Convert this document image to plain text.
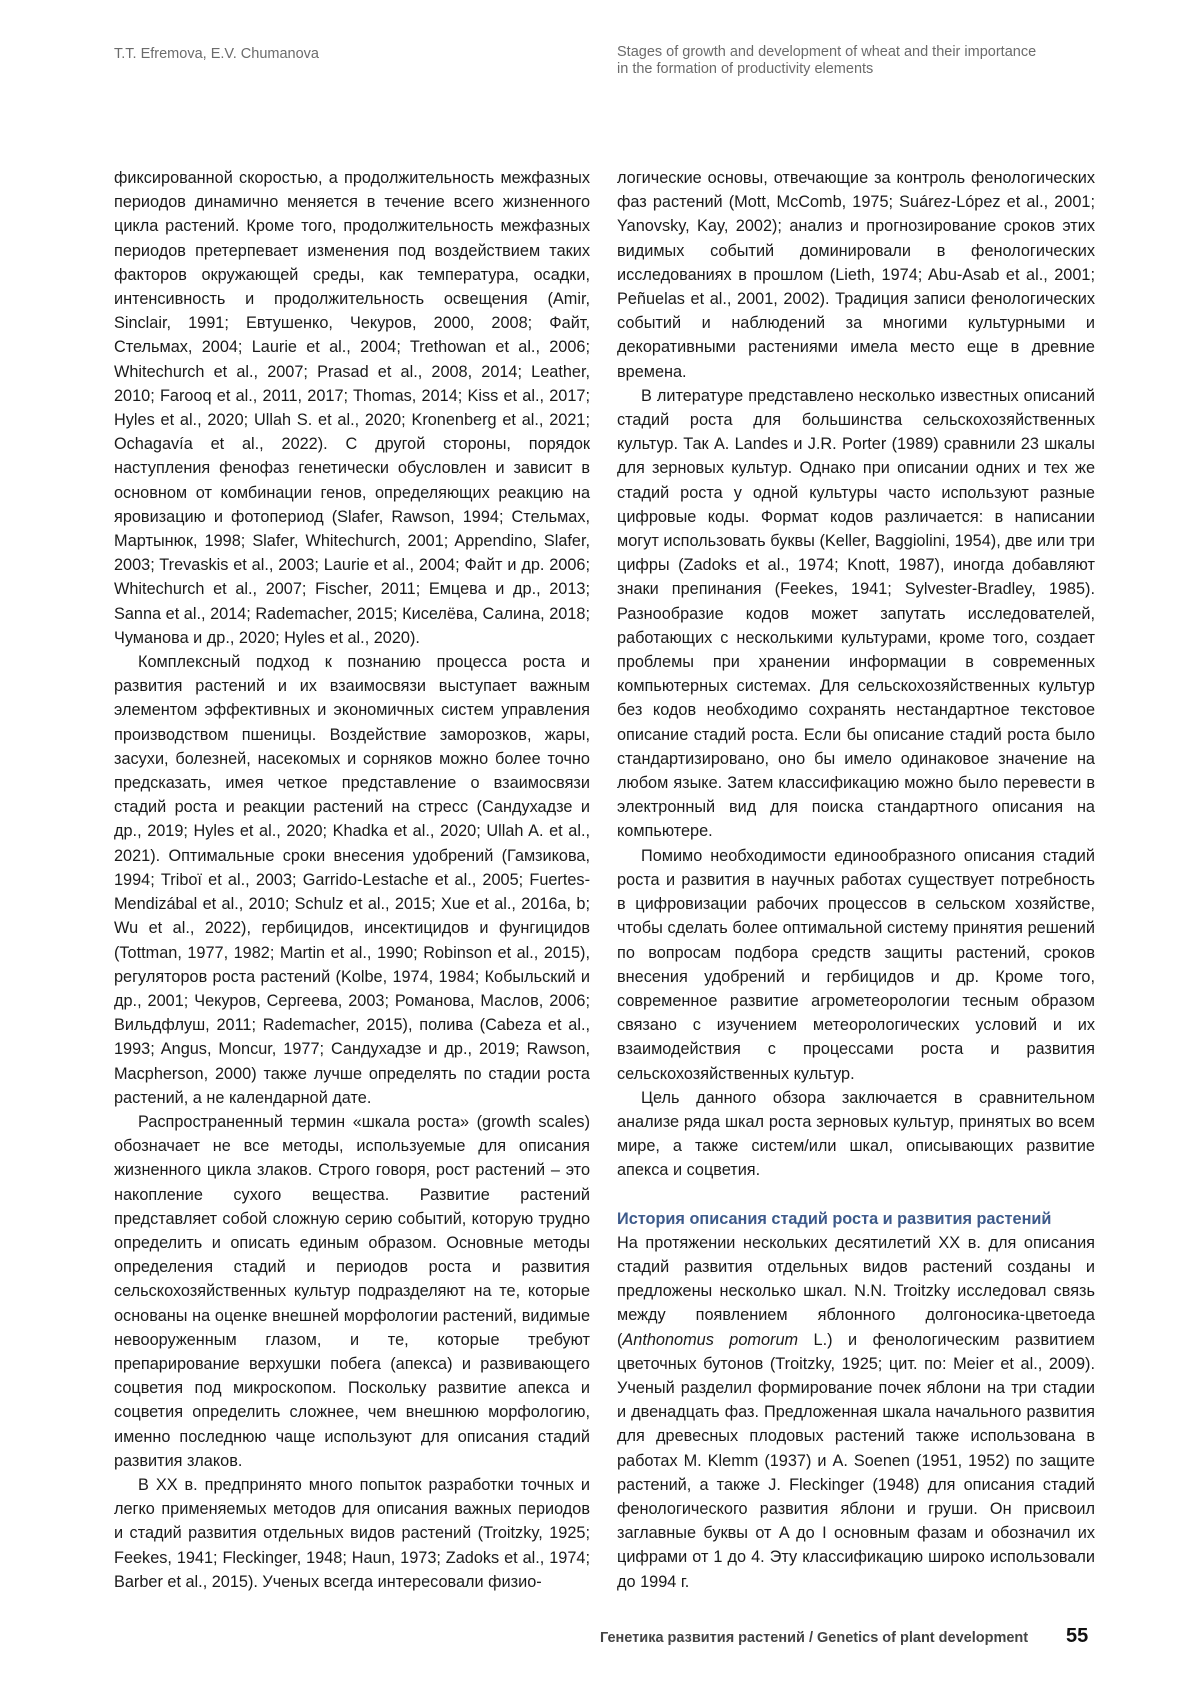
T.T. Efremova, E.V. Chumanova	Stages of growth and development of wheat and their importance
in the formation of productivity elements

фиксированной скоростью, а продолжительность межфазных периодов динамично меняется в течение всего жизненного цикла растений. Кроме того, продолжительность межфазных периодов претерпевает изменения под воздействием таких факторов окружающей среды, как температура, осадки, интенсивность и продолжительность освещения (Amir, Sinclair, 1991; Евтушенко, Чекуров, 2000, 2008; Файт, Стельмах, 2004; Laurie et al., 2004; Trethowan et al., 2006; Whitechurch et al., 2007; Prasad et al., 2008, 2014; Leather, 2010; Farooq et al., 2011, 2017; Thomas, 2014; Kiss et al., 2017; Hyles et al., 2020; Ullah S. et al., 2020; Kronenberg et al., 2021; Ochagavía et al., 2022). С другой стороны, порядок наступления фенофаз генетически обусловлен и зависит в основном от комбинации генов, определяющих реакцию на яровизацию и фотопериод (Slafer, Rawson, 1994; Стельмах, Мартынюк, 1998; Slafer, Whitechurch, 2001; Appendino, Slafer, 2003; Trevaskis et al., 2003; Laurie et al., 2004; Файт и др. 2006; Whitechurch et al., 2007; Fischer, 2011; Емцева и др., 2013; Sanna et al., 2014; Rademacher, 2015; Киселёва, Салина, 2018; Чуманова и др., 2020; Hyles et al., 2020).

Комплексный подход к познанию процесса роста и развития растений и их взаимосвязи выступает важным элементом эффективных и экономичных систем управления производством пшеницы. Воздействие заморозков, жары, засухи, болезней, насекомых и сорняков можно более точно предсказать, имея четкое представление о взаимосвязи стадий роста и реакции растений на стресс (Сандухадзе и др., 2019; Hyles et al., 2020; Khadka et al., 2020; Ullah A. et al., 2021). Оптимальные сроки внесения удобрений (Гамзикова, 1994; Triboï et al., 2003; Garrido-Lestache et al., 2005; Fuertes-Mendizábal et al., 2010; Schulz et al., 2015; Xue et al., 2016a, b; Wu et al., 2022), гербицидов, инсектицидов и фунгицидов (Tottman, 1977, 1982; Martin et al., 1990; Robinson et al., 2015), регуляторов роста растений (Kolbe, 1974, 1984; Кобыльский и др., 2001; Чекуров, Сергеева, 2003; Романова, Маслов, 2006; Вильдфлуш, 2011; Rademacher, 2015), полива (Cabeza et al., 1993; Angus, Moncur, 1977; Сандухадзе и др., 2019; Rawson, Macpherson, 2000) также лучше определять по стадии роста растений, а не календарной дате.

Распространенный термин «шкала роста» (growth scales) обозначает не все методы, используемые для описания жизненного цикла злаков. Строго говоря, рост растений – это накопление сухого вещества. Развитие растений представляет собой сложную серию событий, которую трудно определить и описать единым образом. Основные методы определения стадий и периодов роста и развития сельскохозяйственных культур подразделяют на те, которые основаны на оценке внешней морфологии растений, видимые невооруженным глазом, и те, которые требуют препарирование верхушки побега (апекса) и развивающего соцветия под микроскопом. Поскольку развитие апекса и соцветия определить сложнее, чем внешнюю морфологию, именно последнюю чаще используют для описания стадий развития злаков.

В XX в. предпринято много попыток разработки точных и легко применяемых методов для описания важных периодов и стадий развития отдельных видов растений (Troitzky, 1925; Feekes, 1941; Fleckinger, 1948; Haun, 1973; Zadoks et al., 1974; Barber et al., 2015). Ученых всегда интересовали физио-

логические основы, отвечающие за контроль фенологических фаз растений (Mott, McComb, 1975; Suárez-López et al., 2001; Yanovsky, Kay, 2002); анализ и прогнозирование сроков этих видимых событий доминировали в фенологических исследованиях в прошлом (Lieth, 1974; Abu-Asab et al., 2001; Peñuelas et al., 2001, 2002). Традиция записи фенологических событий и наблюдений за многими культурными и декоративными растениями имела место еще в древние времена.

В литературе представлено несколько известных описаний стадий роста для большинства сельскохозяйственных культур. Так A. Landes и J.R. Porter (1989) сравнили 23 шкалы для зерновых культур. Однако при описании одних и тех же стадий роста у одной культуры часто используют разные цифровые коды. Формат кодов различается: в написании могут использовать буквы (Keller, Baggiolini, 1954), две или три цифры (Zadoks et al., 1974; Knott, 1987), иногда добавляют знаки препинания (Feekes, 1941; Sylvester-Bradley, 1985). Разнообразие кодов может запутать исследователей, работающих с несколькими культурами, кроме того, создает проблемы при хранении информации в современных компьютерных системах. Для сельскохозяйственных культур без кодов необходимо сохранять нестандартное текстовое описание стадий роста. Если бы описание стадий роста было стандартизировано, оно бы имело одинаковое значение на любом языке. Затем классификацию можно было перевести в электронный вид для поиска стандартного описания на компьютере.

Помимо необходимости единообразного описания стадий роста и развития в научных работах существует потребность в цифровизации рабочих процессов в сельском хозяйстве, чтобы сделать более оптимальной систему принятия решений по вопросам подбора средств защиты растений, сроков внесения удобрений и гербицидов и др. Кроме того, современное развитие агрометеорологии тесным образом связано с изучением метеорологических условий и их взаимодействия с процессами роста и развития сельскохозяйственных культур.

Цель данного обзора заключается в сравнительном анализе ряда шкал роста зерновых культур, принятых во всем мире, а также систем/или шкал, описывающих развитие апекса и соцветия.

История описания стадий роста и развития растений

На протяжении нескольких десятилетий XX в. для описания стадий развития отдельных видов растений созданы и предложены несколько шкал. N.N. Troitzky исследовал связь между появлением яблонного долгоносика-цветоеда (Anthonomus pomorum L.) и фенологическим развитием цветочных бутонов (Troitzky, 1925; цит. по: Meier et al., 2009). Ученый разделил формирование почек яблони на три стадии и двенадцать фаз. Предложенная шкала начального развития для древесных плодовых растений также использована в работах M. Klemm (1937) и A. Soenen (1951, 1952) по защите растений, а также J. Fleckinger (1948) для описания стадий фенологического развития яблони и груши. Он присвоил заглавные буквы от A до I основным фазам и обозначил их цифрами от 1 до 4. Эту классификацию широко использовали до 1994 г.

Генетика развития растений / Genetics of plant development 55
